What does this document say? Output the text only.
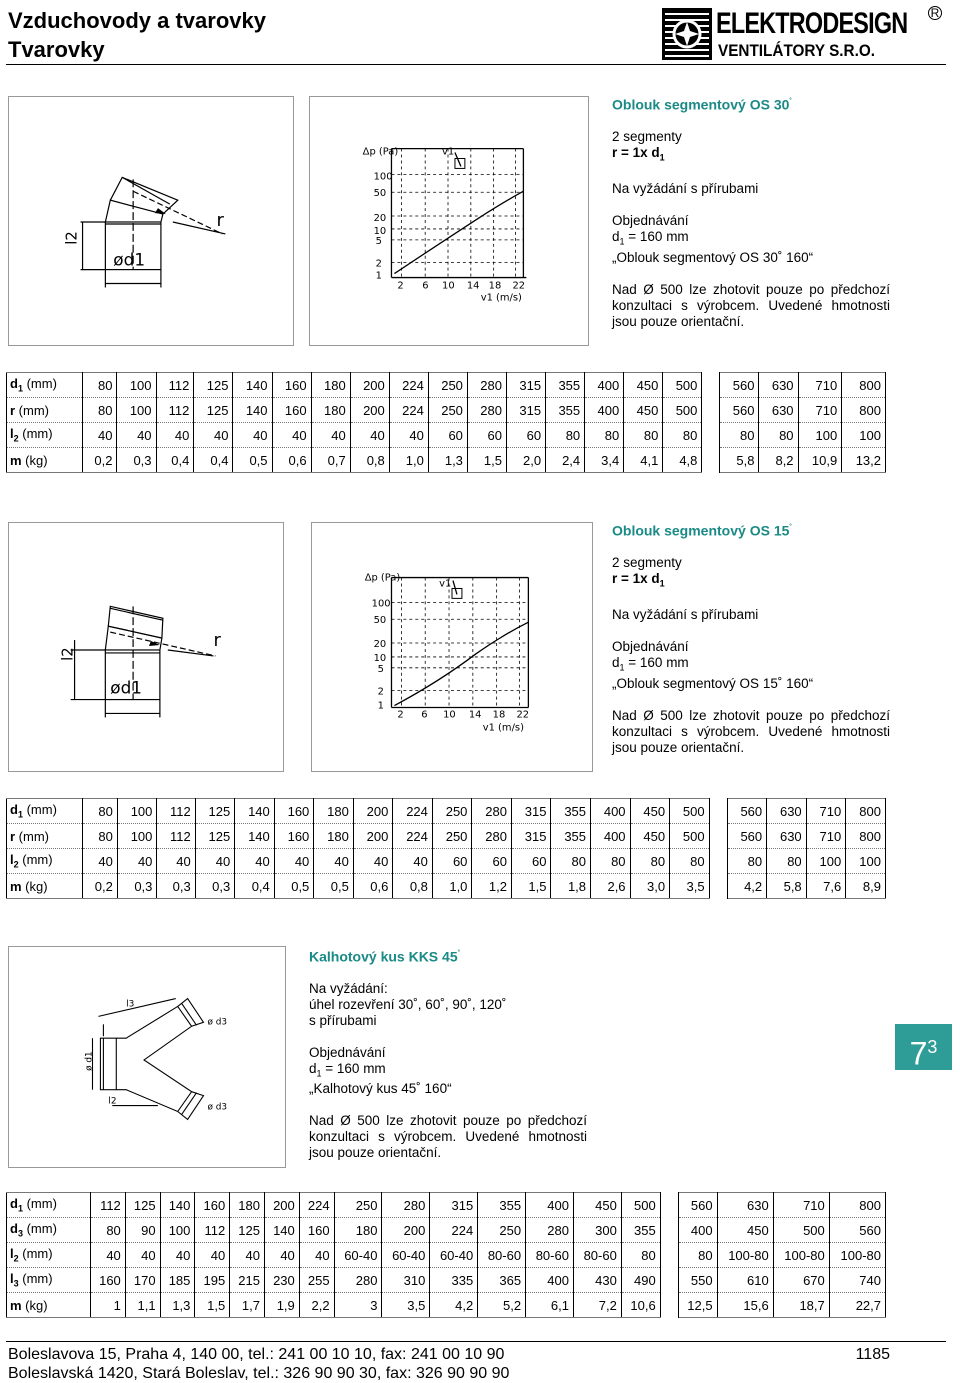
Vzduchovody a tvarovky
Tvarovky
ELEKTRODESIGN
VENTILÁTORY S.R.O.
R
r
l2
ød1
Δp (Pa)	v1
v1 (m/s)
100
50
20
10
5
2
1
2 6 10 14 18 22
Oblouk segmentový OS 30˚

2 segmenty
r = 1x $d_1$

Na vyžádání s přírubami

Objednávání
$d_1 = 160$ mm
„Oblouk segmentový OS 30˚ 160“

Nad Ø 500 lze zhotovit pouze po předchozí konzultaci s výrobcem. Uvedené hmotnosti jsou pouze orientační.

$d_1$ (mm)	80	100	112	125	140	160	180	200	224	250	280	315	355	400	450	500		560	630	710	800
r (mm)	80	100	112	125	140	160	180	200	224	250	280	315	355	400	450	500		560	630	710	800
$l_2$ (mm)	40	40	40	40	40	40	40	40	40	60	60	60	80	80	80	80		80	80	100	100
m (kg)	0,2	0,3	0,4	0,4	0,5	0,6	0,7	0,8	1,0	1,3	1,5	2,0	2,4	3,4	4,1	4,8		5,8	8,2	10,9	13,2
r
l2
ød1
Δp (Pa)
v1
v1 (m/s)
100
50
20
10
5
2
1
2 6 10 14 18 22
Oblouk segmentový OS 15˚

2 segmenty
r = 1x $d_1$

Na vyžádání s přírubami

Objednávání
$d_1 = 160$ mm
„Oblouk segmentový OS 15˚ 160“

Nad Ø 500 lze zhotovit pouze po předchozí konzultaci s výrobcem. Uvedené hmotnosti jsou pouze orientační.

$d_1$ (mm)	80	100	112	125	140	160	180	200	224	250	280	315	355	400	450	500		560	630	710	800
r (mm)	80	100	112	125	140	160	180	200	224	250	280	315	355	400	450	500		560	630	710	800
$l_2$ (mm)	40	40	40	40	40	40	40	40	40	60	60	60	80	80	80	80		80	80	100	100
m (kg)	0,2	0,3	0,3	0,3	0,4	0,5	0,5	0,6	0,8	1,0	1,2	1,5	1,8	2,6	3,0	3,5		4,2	5,8	7,6	8,9
l3
ø d3
ø d1
l2
ø d3
Kalhotový kus KKS 45˚

Na vyžádání:
úhel rozevření 30˚, 60˚, 90˚, 120˚
s přírubami

Objednávání
$d_1 = 160$ mm
„Kalhotový kus 45˚ 160“

Nad Ø 500 lze zhotovit pouze po předchozí konzultaci s výrobcem. Uvedené hmotnosti jsou pouze orientační.

$7^3$
$d_1$ (mm)	112	125	140	160	180	200	224	250	280	315	355	400	450	500		560	630	710	800
$d_3$ (mm)	80	90	100	112	125	140	160	180	200	224	250	280	300	355		400	450	500	560
$l_2$ (mm)	40	40	40	40	40	40	40	60-40	60-40	60-40	80-60	80-60	80-60	80		80	100-80	100-80	100-80
$l_3$ (mm)	160	170	185	195	215	230	255	280	310	335	365	400	430	490		550	610	670	740
m (kg)	1	1,1	1,3	1,5	1,7	1,9	2,2	3	3,5	4,2	5,2	6,1	7,2	10,6		12,5	15,6	18,7	22,7
Boleslavova 15, Praha 4, 140 00, tel.: 241 00 10 10, fax: 241 00 10 90
Boleslavská 1420, Stará Boleslav, tel.: 326 90 90 30, fax: 326 90 90 90
1185
